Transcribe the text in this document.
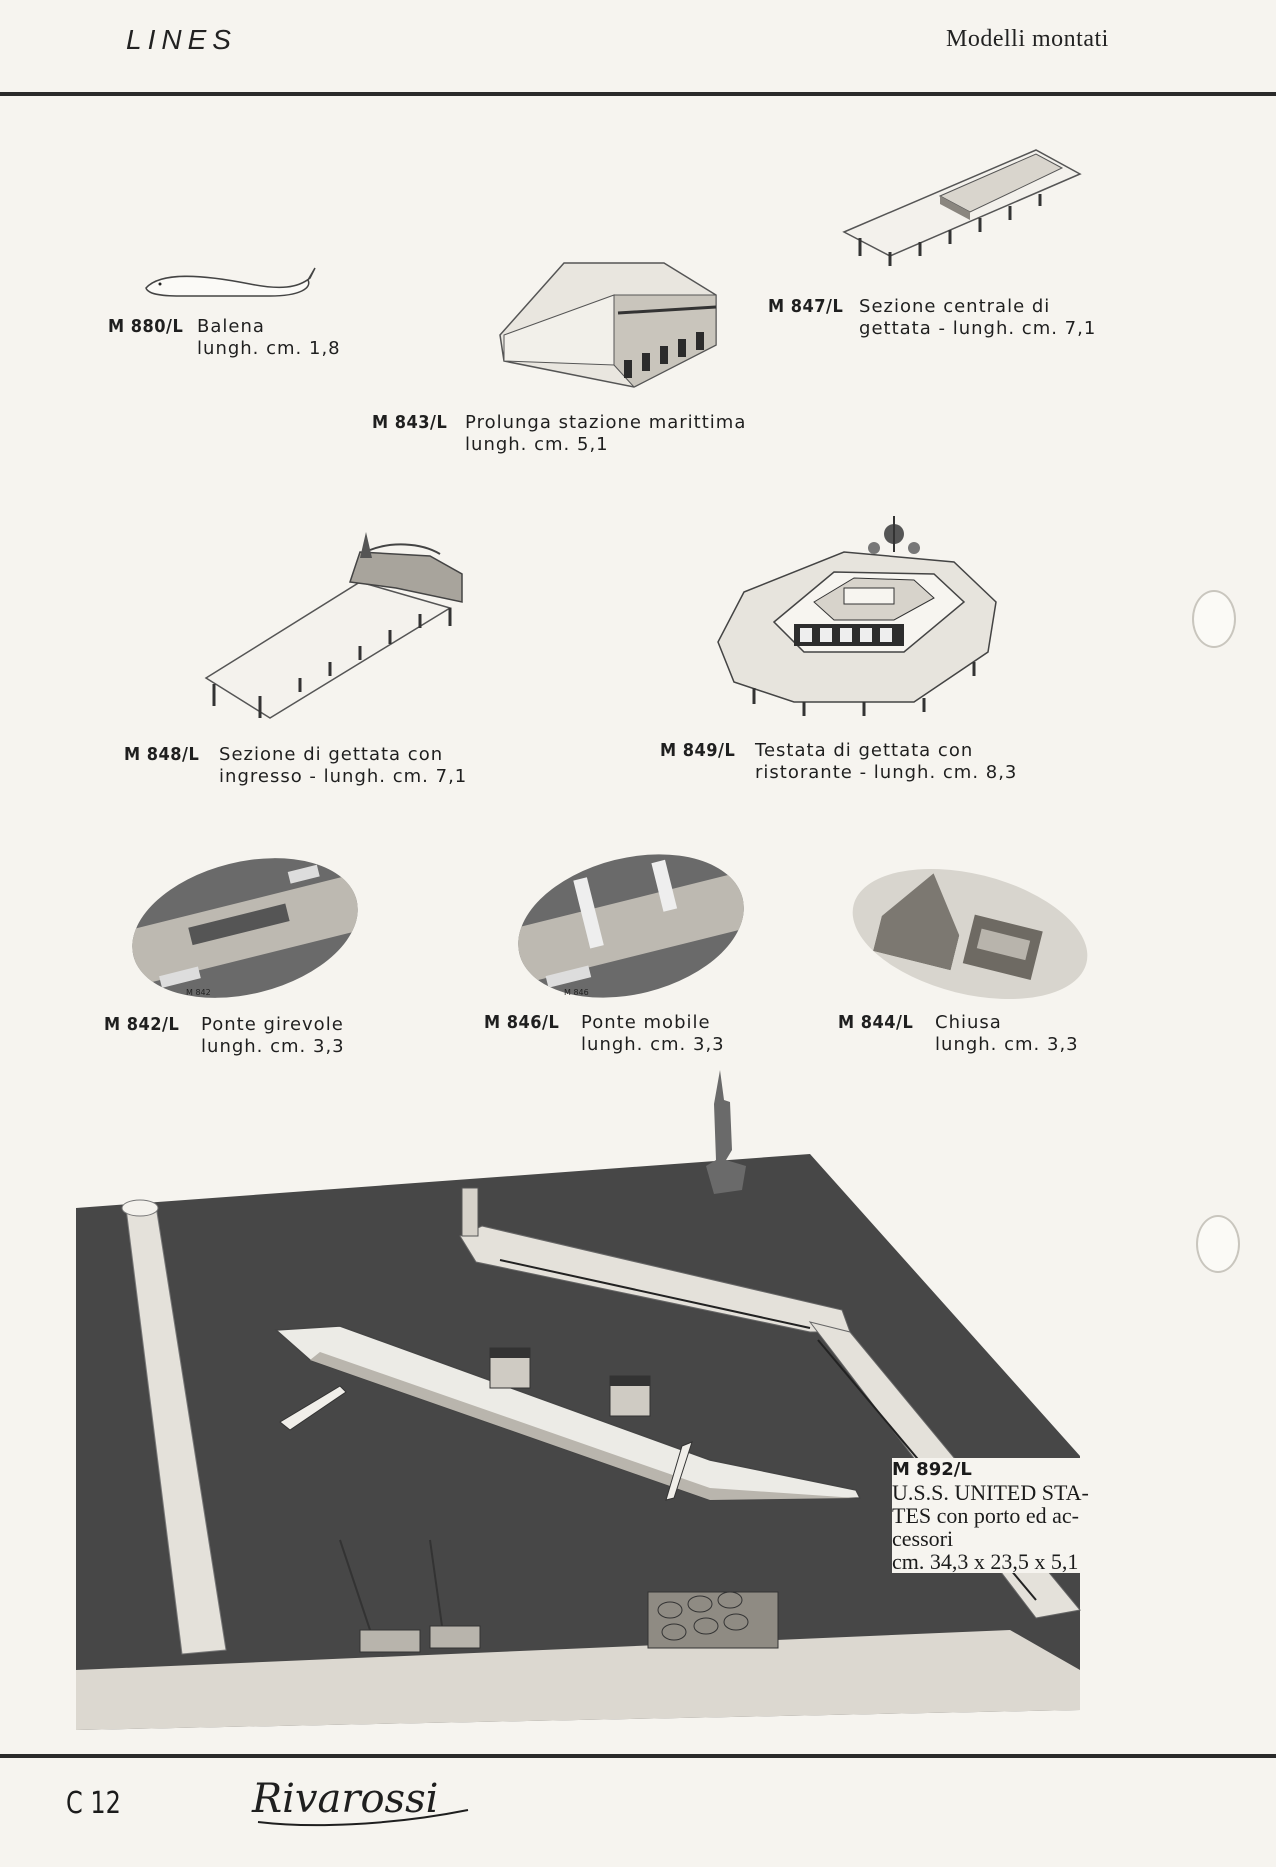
LINES	Modelli montati
M 880/L Balena
lungh. cm. 1,8
M 843/L Prolunga stazione marittima
lungh. cm. 5,1
M 847/L Sezione centrale di
gettata - lungh. cm. 7,1
M 848/L Sezione di gettata con
ingresso - lungh. cm. 7,1
M 849/L Testata di gettata con
ristorante - lungh. cm. 8,3
M 842	M 846
M 842/L Ponte girevole
lungh. cm. 3,3
M 846/L Ponte mobile
lungh. cm. 3,3
M 844/L Chiusa
lungh. cm. 3,3
M 892/L
U.S.S. UNITED STA-
TES con porto ed ac-
cessori
cm. 34,3 x 23,5 x 5,1
C 12	Rivarossi
